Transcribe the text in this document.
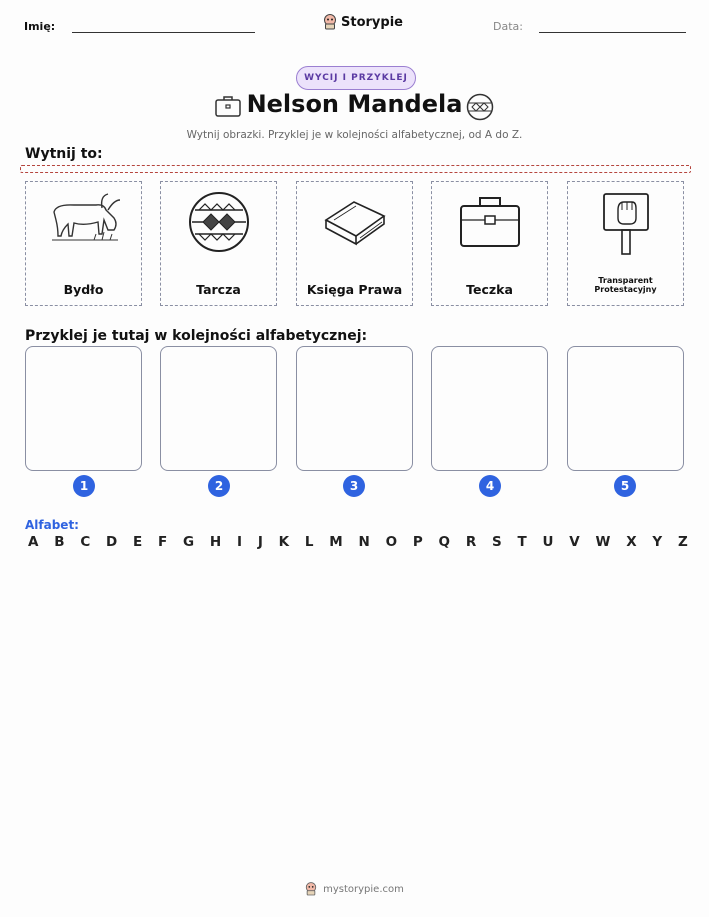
Imię:	Storypie	Data:
WYCIJ I PRZYKLEJ
Nelson Mandela
Wytnij obrazki. Przyklej je w kolejności alfabetycznej, od A do Z.
Wytnij to:
Bydło	Tarcza	Księga Prawa	Teczka
Transparent Protestacyjny
Przyklej je tutaj w kolejności alfabetycznej:
1	2	3	4	5
Alfabet:
A B C D E F G H I J K L M N O P Q R S T U V W X Y Z
mystorypie.com
